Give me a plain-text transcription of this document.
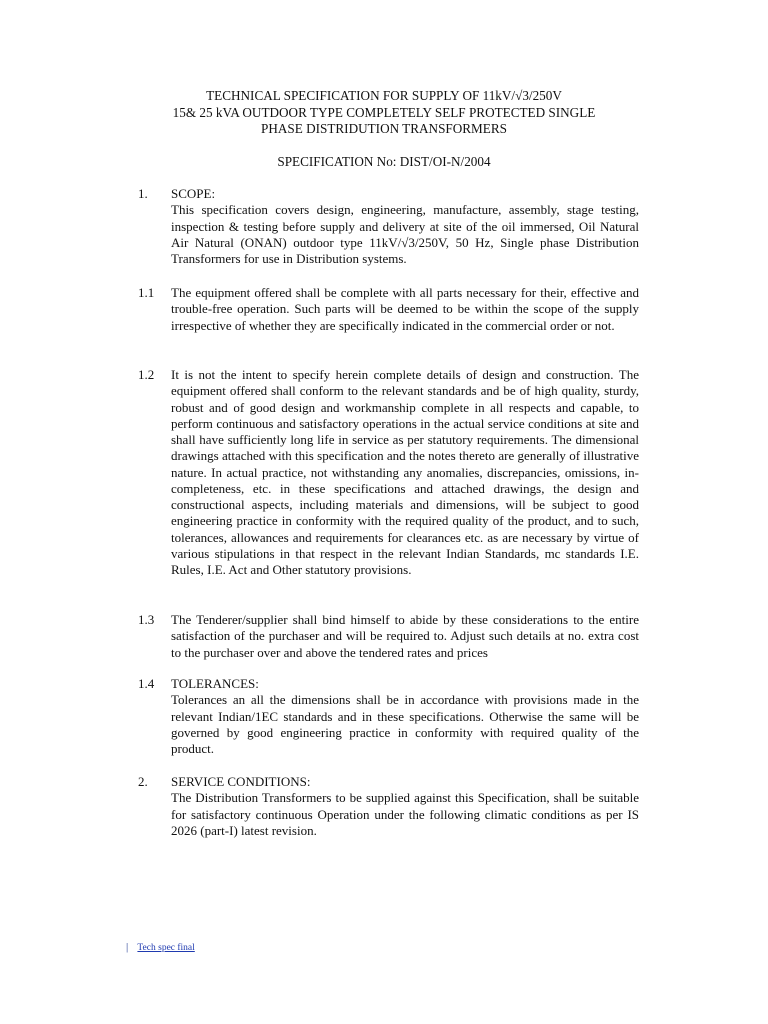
TECHNICAL SPECIFICATION FOR SUPPLY OF 11kV/√3/250V
15& 25 kVA OUTDOOR TYPE COMPLETELY SELF PROTECTED SINGLE
PHASE DISTRIDUTION TRANSFORMERS
SPECIFICATION No: DIST/OI-N/2004
1. SCOPE:
This specification covers design, engineering, manufacture, assembly, stage testing, inspection & testing before supply and delivery at site of the oil immersed, Oil Natural Air Natural (ONAN) outdoor type 11kV/√3/250V, 50 Hz, Single phase Distribution Transformers for use in Distribution systems.
1.1 The equipment offered shall be complete with all parts necessary for their, effective and trouble-free operation. Such parts will be deemed to be within the scope of the supply irrespective of whether they are specifically indicated in the commercial order or not.
1.2 It is not the intent to specify herein complete details of design and construction. The equipment offered shall conform to the relevant standards and be of high quality, sturdy, robust and of good design and workmanship complete in all respects and capable, to perform continuous and satisfactory operations in the actual service conditions at site and shall have sufficiently long life in service as per statutory requirements. The dimensional drawings attached with this specification and the notes thereto are generally of illustrative nature. In actual practice, not withstanding any anomalies, discrepancies, omissions, in-completeness, etc. in these specifications and attached drawings, the design and constructional aspects, including materials and dimensions, will be subject to good engineering practice in conformity with the required quality of the product, and to such, tolerances, allowances and requirements for clearances etc. as are necessary by virtue of various stipulations in that respect in the relevant Indian Standards, mc standards I.E. Rules, I.E. Act and Other statutory provisions.
1.3 The Tenderer/supplier shall bind himself to abide by these considerations to the entire satisfaction of the purchaser and will be required to. Adjust such details at no. extra cost to the purchaser over and above the tendered rates and prices
1.4 TOLERANCES:
Tolerances an all the dimensions shall be in accordance with provisions made in the relevant Indian/1EC standards and in these specifications. Otherwise the same will be governed by good engineering practice in conformity with required quality of the product.
2. SERVICE CONDITIONS:
The Distribution Transformers to be supplied against this Specification, shall be suitable for satisfactory continuous Operation under the following climatic conditions as per IS 2026 (part-I) latest revision.
| Tech spec final
